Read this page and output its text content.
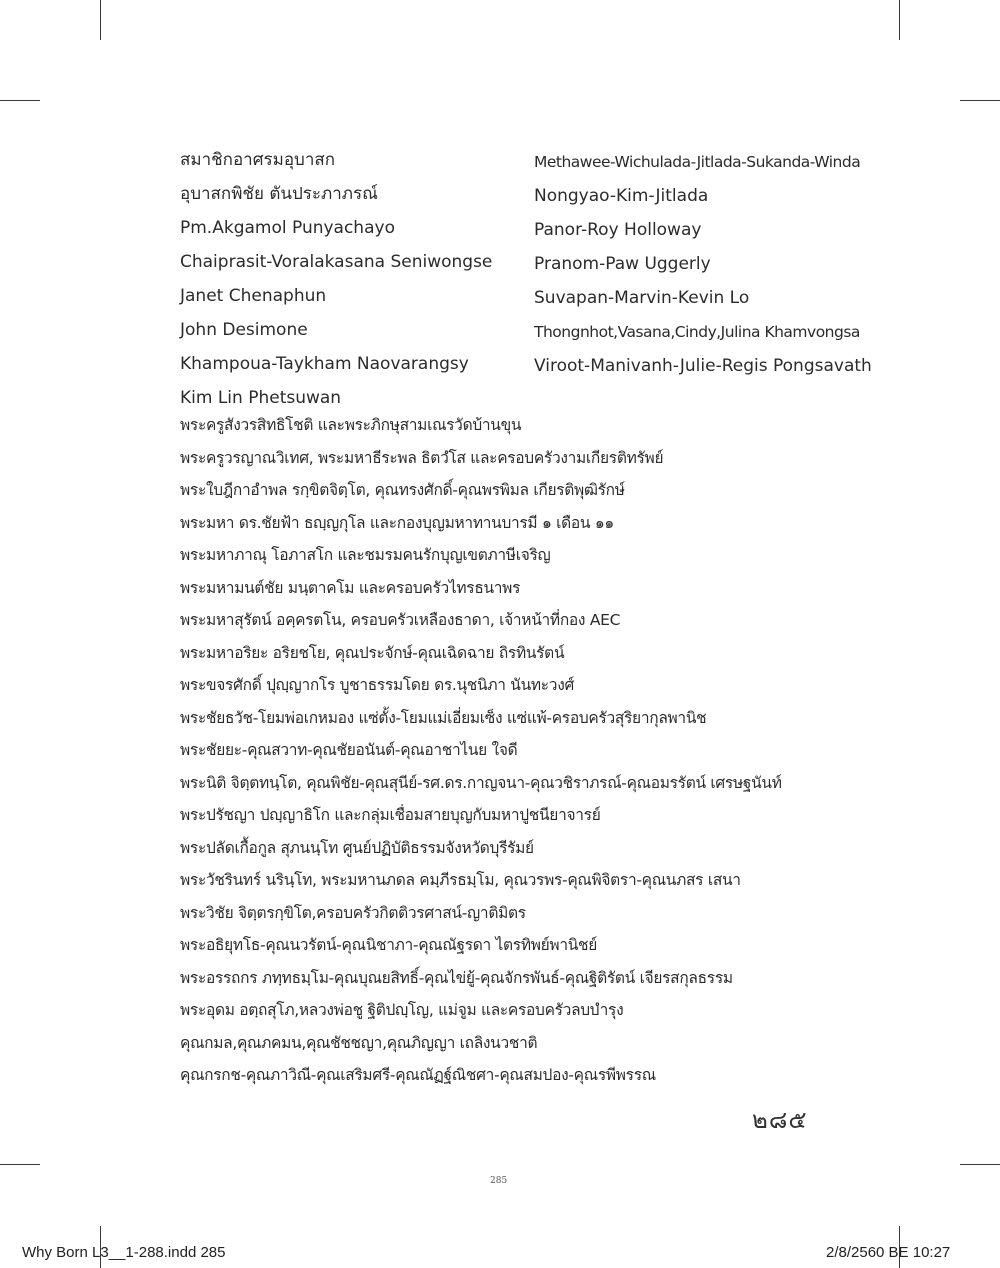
สมาชิกอาศรมอุบาสก
อุบาสกพิชัย ตันประภาภรณ์
Pm.Akgamol Punyachayo
Chaiprasit-Voralakasana Seniwongse
Janet Chenaphun
John Desimone
Khampoua-Taykham Naovarangsy
Kim Lin Phetsuwan
Methawee-Wichulada-Jitlada-Sukanda-Winda
Nongyao-Kim-Jitlada
Panor-Roy Holloway
Pranom-Paw Uggerly
Suvapan-Marvin-Kevin Lo
Thongnhot,Vasana,Cindy,Julina Khamvongsa
Viroot-Manivanh-Julie-Regis Pongsavath
พระครูสังวรสิทธิโชติ และพระภิกษุสามเณรวัดบ้านขุน
พระครูวรญาณวิเทศ, พระมหาธีระพล ธิตวํโส และครอบครัวงามเกียรติทรัพย์
พระใบฎีกาอำพล รกฺขิตจิตฺโต, คุณทรงศักดิ์-คุณพรพิมล เกียรติพุฒิรักษ์
พระมหา ดร.ชัยฟ้า ธญฺญกุโล และกองบุญมหาทานบารมี ๑ เดือน ๑๑
พระมหาภาณุ โอภาสโก และชมรมคนรักบุญเขตภาษีเจริญ
พระมหามนต์ชัย มนฺตาคโม และครอบครัวไทรธนาพร
พระมหาสุรัตน์ อคฺครตโน, ครอบครัวเหลืองธาดา, เจ้าหน้าที่กอง AEC
พระมหาอริยะ อริยชโย, คุณประจักษ์-คุณเฉิดฉาย ถิรทินรัตน์
พระขจรศักดิ์ ปุญฺญากโร บูชาธรรมโดย ดร.นุชนิภา นันทะวงศ์
พระชัยธวัช-โยมพ่อเกหมอง แซ่ตั้ง-โยมแม่เอี่ยมเซ็ง แซ่แพ้-ครอบครัวสุริยากุลพานิช
พระชัยยะ-คุณสวาท-คุณชัยอนันต์-คุณอาชาไนย ใจดี
พระนิติ จิตฺตทนฺโต, คุณพิชัย-คุณสุนีย์-รศ.ดร.กาญจนา-คุณวชิราภรณ์-คุณอมรรัตน์ เศรษฐนันท์
พระปรัชญา ปญฺญาธิโก และกลุ่มเชื่อมสายบุญกับมหาปูชนียาจารย์
พระปลัดเกื้อกูล สุภนนฺโท ศูนย์ปฏิบัติธรรมจังหวัดบุรีรัมย์
พระวัชรินทร์ นรินฺโท, พระมหานภดล คมฺภีรธมฺโม, คุณวรพร-คุณพิจิตรา-คุณนภสร เสนา
พระวิชัย จิตฺตรกฺขิโต,ครอบครัวกิตติวรศาสน์-ญาติมิตร
พระอธิยุทโธ-คุณนวรัตน์-คุณนิชาภา-คุณณัฐรดา ไตรทิพย์พานิชย์
พระอรรถกร ภทฺทธมฺโม-คุณบุณยสิทธิ์-คุณไข่ยู้-คุณจักรพันธ์-คุณฐิติรัตน์ เจียรสกุลธรรม
พระอุดม อตฺถสุโภ,หลวงพ่อชู ฐิติปญฺโญ, แม่จูม และครอบครัวลบบำรุง
คุณกมล,คุณภคมน,คุณชัชชญา,คุณภิญญา เถลิงนวชาติ
คุณกรกช-คุณภาวิณี-คุณเสริมศรี-คุณณัฏฐ์ณิชศา-คุณสมปอง-คุณรพีพรรณ
๒๘๕
285
Why Born L3__1-288.indd 285	2/8/2560 BE 10:27
